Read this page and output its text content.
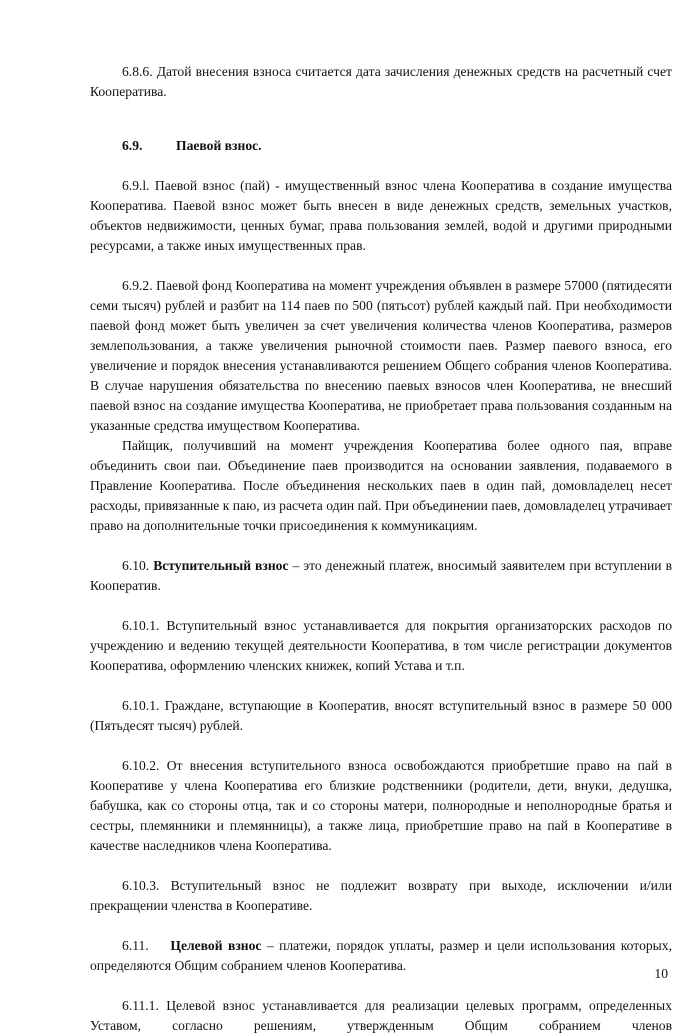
6.8.6. Датой внесения взноса считается дата зачисления денежных средств на расчетный счет Кооператива.

6.9. Паевой взнос.

6.9.l. Паевой взнос (пай) - имущественный взнос члена Кооператива в создание имущества Кооператива. Паевой взнос может быть внесен в виде денежных средств, земельных участков, объектов недвижимости, ценных бумаг, права пользования землей, водой и другими природными ресурсами, а также иных имущественных прав.

6.9.2. Паевой фонд Кооператива на момент учреждения объявлен в размере 57000 (пятидесяти семи тысяч) рублей и разбит на 114 паев по 500 (пятьсот) рублей каждый пай. При необходимости паевой фонд может быть увеличен за счет увеличения количества членов Кооператива, размеров землепользования, а также увеличения рыночной стоимости паев. Размер паевого взноса, его увеличение и порядок внесения устанавливаются решением Общего собрания членов Кооператива. В случае нарушения обязательства по внесению паевых взносов член Кооператива, не внесший паевой взнос на создание имущества Кооператива, не приобретает права пользования созданным на указанные средства имуществом Кооператива.

Пайщик, получивший на момент учреждения Кооператива более одного пая, вправе объединить свои паи. Объединение паев производится на основании заявления, подаваемого в Правление Кооператива. После объединения нескольких паев в один пай, домовладелец несет расходы, привязанные к паю, из расчета один пай. При объединении паев, домовладелец утрачивает право на дополнительные точки присоединения к коммуникациям.

6.10. Вступительный взнос – это денежный платеж, вносимый заявителем при вступлении в Кооператив.

6.10.1. Вступительный взнос устанавливается для покрытия организаторских расходов по учреждению и ведению текущей деятельности Кооператива, в том числе регистрации документов Кооператива, оформлению членских книжек, копий Устава и т.п.

6.10.1. Граждане, вступающие в Кооператив, вносят вступительный взнос в размере 50 000 (Пятьдесят тысяч) рублей.

6.10.2. От внесения вступительного взноса освобождаются приобретшие право на пай в Кооперативе у члена Кооператива его близкие родственники (родители, дети, внуки, дедушка, бабушка, как со стороны отца, так и со стороны матери, полнородные и неполнородные братья и сестры, племянники и племянницы), а также лица, приобретшие право на пай в Кооперативе в качестве наследников члена Кооператива.

6.10.3. Вступительный взнос не подлежит возврату при выходе, исключении и/или прекращении членства в Кооперативе.

6.11. Целевой взнос – платежи, порядок уплаты, размер и цели использования которых, определяются Общим собранием членов Кооператива.

6.11.1. Целевой взнос устанавливается для реализации целевых программ, определенных Уставом, согласно решениям, утвержденным Общим собранием членов

10
